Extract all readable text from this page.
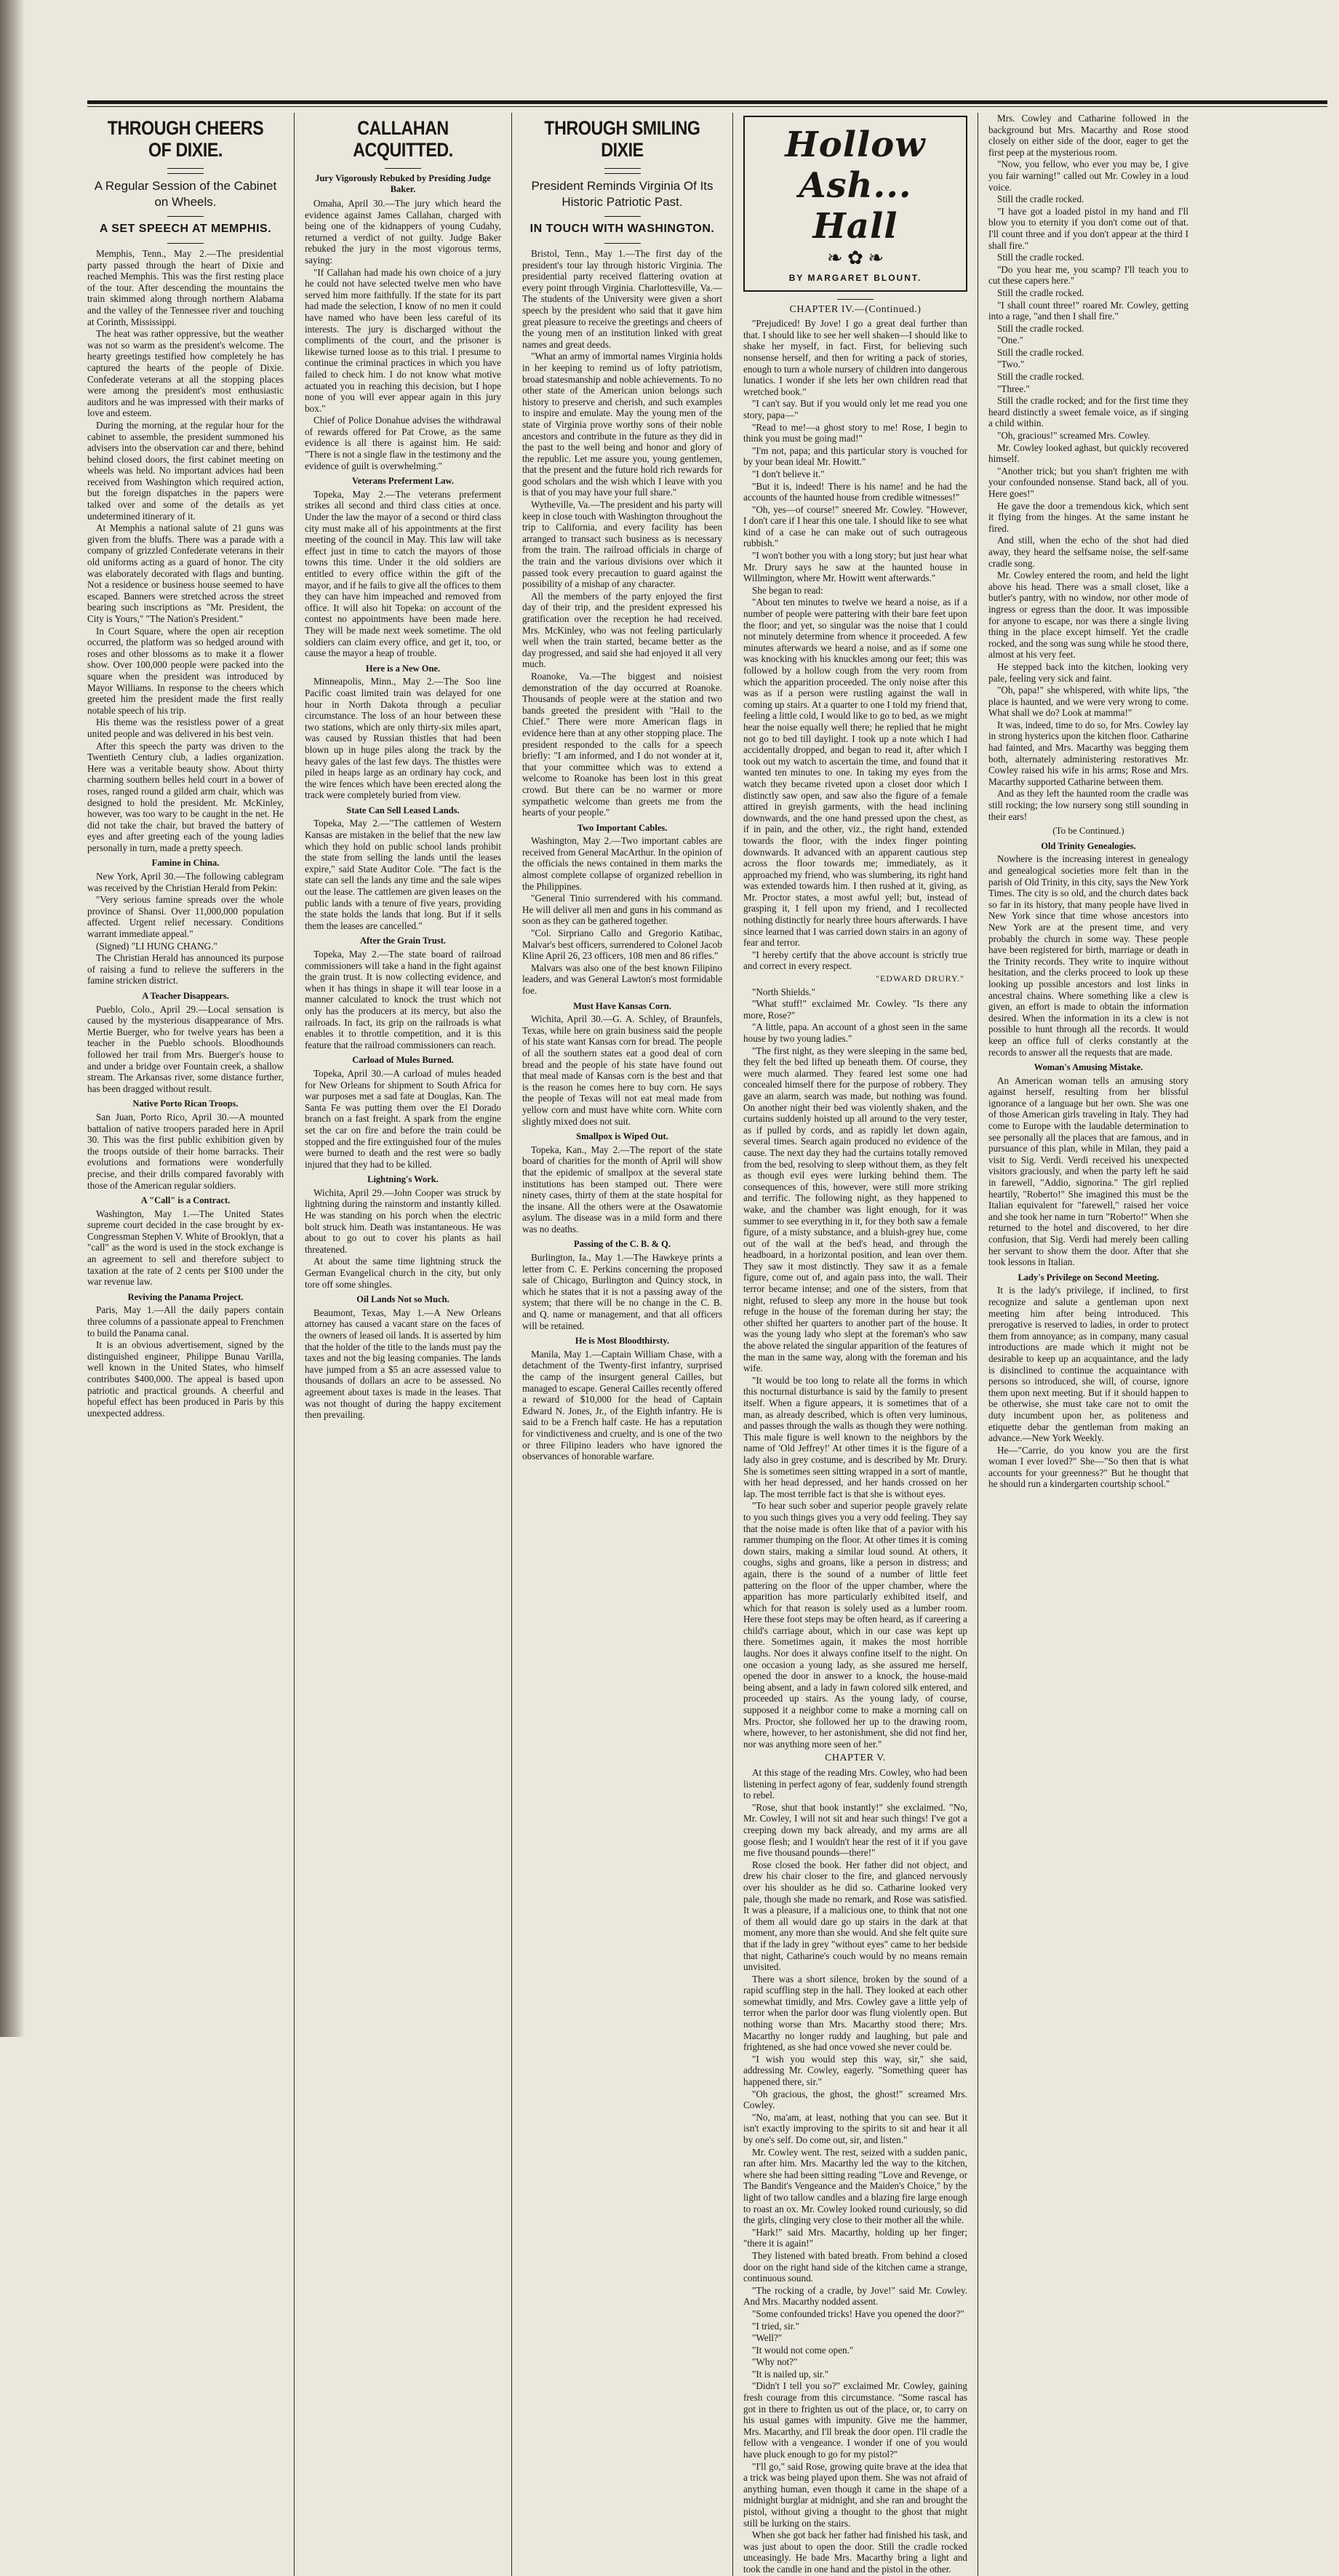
THROUGH CHEERS OF DIXIE.
A Regular Session of the Cabinet on Wheels.
A SET SPEECH AT MEMPHIS.

Memphis, Tenn., May 2.—The presidential party passed through the heart of Dixie and reached Memphis. This was the first resting place of the tour. After descending the mountains the train skimmed along through northern Alabama and the valley of the Tennessee river and touching at Corinth, Mississippi.

The heat was rather oppressive, but the weather was not so warm as the president's welcome. The hearty greetings testified how completely he has captured the hearts of the people of Dixie. Confederate veterans at all the stopping places were among the president's most enthusiastic auditors and he was impressed with their marks of love and esteem.

During the morning, at the regular hour for the cabinet to assemble, the president summoned his advisers into the observation car and there, behind behind closed doors, the first cabinet meeting on wheels was held. No important advices had been received from Washington which required action, but the foreign dispatches in the papers were talked over and some of the details as yet undetermined itinerary of it.

At Memphis a national salute of 21 guns was given from the bluffs. There was a parade with a company of grizzled Confederate veterans in their old uniforms acting as a guard of honor. The city was elaborately decorated with flags and bunting. Not a residence or business house seemed to have escaped. Banners were stretched across the street bearing such inscriptions as "Mr. President, the City is Yours," "The Nation's President."

In Court Square, where the open air reception occurred, the platform was so hedged around with roses and other blossoms as to make it a flower show. Over 100,000 people were packed into the square when the president was introduced by Mayor Williams. In response to the cheers which greeted him the president made the first really notable speech of his trip.

His theme was the resistless power of a great united people and was delivered in his best vein.

After this speech the party was driven to the Twentieth Century club, a ladies organization. Here was a veritable beauty show. About thirty charming southern belles held court in a bower of roses, ranged round a gilded arm chair, which was designed to hold the president. Mr. McKinley, however, was too wary to be caught in the net. He did not take the chair, but braved the battery of eyes and after greeting each of the young ladies personally in turn, made a pretty speech.

Famine in China.

New York, April 30.—The following cablegram was received by the Christian Herald from Pekin:

"Very serious famine spreads over the whole province of Shansi. Over 11,000,000 population affected. Urgent relief necessary. Conditions warrant immediate appeal."

(Signed) "LI HUNG CHANG."

The Christian Herald has announced its purpose of raising a fund to relieve the sufferers in the famine stricken district.

A Teacher Disappears.

Pueblo, Colo., April 29.—Local sensation is caused by the mysterious disappearance of Mrs. Mertie Buerger, who for twelve years has been a teacher in the Pueblo schools. Bloodhounds followed her trail from Mrs. Buerger's house to and under a bridge over Fountain creek, a shallow stream. The Arkansas river, some distance further, has been dragged without result.

Native Porto Rican Troops.

San Juan, Porto Rico, April 30.—A mounted battalion of native troopers paraded here in April 30. This was the first public exhibition given by the troops outside of their home barracks. Their evolutions and formations were wonderfully precise, and their drills compared favorably with those of the American regular soldiers.

A "Call" is a Contract.

Washington, May 1.—The United States supreme court decided in the case brought by ex-Congressman Stephen V. White of Brooklyn, that a "call" as the word is used in the stock exchange is an agreement to sell and therefore subject to taxation at the rate of 2 cents per $100 under the war revenue law.

Reviving the Panama Project.

Paris, May 1.—All the daily papers contain three columns of a passionate appeal to Frenchmen to build the Panama canal.

It is an obvious advertisement, signed by the distinguished engineer, Philippe Bunau Varilla, well known in the United States, who himself contributes $400,000. The appeal is based upon patriotic and practical grounds. A cheerful and hopeful effect has been produced in Paris by this unexpected address.

CALLAHAN ACQUITTED.
Jury Vigorously Rebuked by Presiding Judge Baker.

Omaha, April 30.—The jury which heard the evidence against James Callahan, charged with being one of the kidnappers of young Cudahy, returned a verdict of not guilty. Judge Baker rebuked the jury in the most vigorous terms, saying:

"If Callahan had made his own choice of a jury he could not have selected twelve men who have served him more faithfully. If the state for its part had made the selection, I know of no men it could have named who have been less careful of its interests. The jury is discharged without the compliments of the court, and the prisoner is likewise turned loose as to this trial. I presume to continue the criminal practices in which you have failed to check him. I do not know what motive actuated you in reaching this decision, but I hope none of you will ever appear again in this jury box."

Chief of Police Donahue advises the withdrawal of rewards offered for Pat Crowe, as the same evidence is all there is against him. He said: "There is not a single flaw in the testimony and the evidence of guilt is overwhelming."

Veterans Preferment Law.

Topeka, May 2.—The veterans preferment strikes all second and third class cities at once. Under the law the mayor of a second or third class city must make all of his appointments at the first meeting of the council in May. This law will take effect just in time to catch the mayors of those towns this time. Under it the old soldiers are entitled to every office within the gift of the mayor, and if he fails to give all the offices to them they can have him impeached and removed from office. It will also hit Topeka: on account of the contest no appointments have been made here. They will be made next week sometime. The old soldiers can claim every office, and get it, too, or cause the mayor a heap of trouble.

Here is a New One.

Minneapolis, Minn., May 2.—The Soo line Pacific coast limited train was delayed for one hour in North Dakota through a peculiar circumstance. The loss of an hour between these two stations, which are only thirty-six miles apart, was caused by Russian thistles that had been blown up in huge piles along the track by the heavy gales of the last few days. The thistles were piled in heaps large as an ordinary hay cock, and the wire fences which have been erected along the track were completely buried from view.

State Can Sell Leased Lands.

Topeka, May 2.—"The cattlemen of Western Kansas are mistaken in the belief that the new law which they hold on public school lands prohibit the state from selling the lands until the leases expire," said State Auditor Cole. "The fact is the state can sell the lands any time and the sale wipes out the lease. The cattlemen are given leases on the public lands with a tenure of five years, providing the state holds the lands that long. But if it sells them the leases are cancelled."

After the Grain Trust.

Topeka, May 2.—The state board of railroad commissioners will take a hand in the fight against the grain trust. It is now collecting evidence, and when it has things in shape it will tear loose in a manner calculated to knock the trust which not only has the producers at its mercy, but also the railroads. In fact, its grip on the railroads is what enables it to throttle competition, and it is this feature that the railroad commissioners can reach.

Carload of Mules Burned.

Topeka, April 30.—A carload of mules headed for New Orleans for shipment to South Africa for war purposes met a sad fate at Douglas, Kan. The Santa Fe was putting them over the El Dorado branch on a fast freight. A spark from the engine set the car on fire and before the train could be stopped and the fire extinguished four of the mules were burned to death and the rest were so badly injured that they had to be killed.

Lightning's Work.

Wichita, April 29.—John Cooper was struck by lightning during the rainstorm and instantly killed. He was standing on his porch when the electric bolt struck him. Death was instantaneous. He was about to go out to cover his plants as hail threatened.

At about the same time lightning struck the German Evangelical church in the city, but only tore off some shingles.

Oil Lands Not so Much.

Beaumont, Texas, May 1.—A New Orleans attorney has caused a vacant stare on the faces of the owners of leased oil lands. It is asserted by him that the holder of the title to the lands must pay the taxes and not the big leasing companies. The lands have jumped from a $5 an acre assessed value to thousands of dollars an acre to be assessed. No agreement about taxes is made in the leases. That was not thought of during the happy excitement then prevailing.

THROUGH SMILING DIXIE
President Reminds Virginia Of Its Historic Patriotic Past.
IN TOUCH WITH WASHINGTON.

Bristol, Tenn., May 1.—The first day of the president's tour lay through historic Virginia. The presidential party received flattering ovation at every point through Virginia. Charlottesville, Va.—The students of the University were given a short speech by the president who said that it gave him great pleasure to receive the greetings and cheers of the young men of an institution linked with great names and great deeds.

"What an army of immortal names Virginia holds in her keeping to remind us of lofty patriotism, broad statesmanship and noble achievements. To no other state of the American union belongs such history to preserve and cherish, and such examples to inspire and emulate. May the young men of the state of Virginia prove worthy sons of their noble ancestors and contribute in the future as they did in the past to the well being and honor and glory of the republic. Let me assure you, young gentlemen, that the present and the future hold rich rewards for good scholars and the wish which I leave with you is that of you may have your full share."

Wytheville, Va.—The president and his party will keep in close touch with Washington throughout the trip to California, and every facility has been arranged to transact such business as is necessary from the train. The railroad officials in charge of the train and the various divisions over which it passed took every precaution to guard against the possibility of a mishap of any character.

All the members of the party enjoyed the first day of their trip, and the president expressed his gratification over the reception he had received. Mrs. McKinley, who was not feeling particularly well when the train started, became better as the day progressed, and said she had enjoyed it all very much.

Roanoke, Va.—The biggest and noisiest demonstration of the day occurred at Roanoke. Thousands of people were at the station and two bands greeted the president with "Hail to the Chief." There were more American flags in evidence here than at any other stopping place. The president responded to the calls for a speech briefly: "I am informed, and I do not wonder at it, that your committee which was to extend a welcome to Roanoke has been lost in this great crowd. But there can be no warmer or more sympathetic welcome than greets me from the hearts of your people."

Two Important Cables.

Washington, May 2.—Two important cables are received from General MacArthur. In the opinion of the officials the news contained in them marks the almost complete collapse of organized rebellion in the Philippines.

"General Tinio surrendered with his command. He will deliver all men and guns in his command as soon as they can be gathered together.

"Col. Sirpriano Callo and Gregorio Katibac, Malvar's best officers, surrendered to Colonel Jacob Kline April 26, 23 officers, 108 men and 86 rifles."

Malvars was also one of the best known Filipino leaders, and was General Lawton's most formidable foe.

Must Have Kansas Corn.

Wichita, April 30.—G. A. Schley, of Braunfels, Texas, while here on grain business said the people of his state want Kansas corn for bread. The people of all the southern states eat a good deal of corn bread and the people of his state have found out that meal made of Kansas corn is the best and that is the reason he comes here to buy corn. He says the people of Texas will not eat meal made from yellow corn and must have white corn. White corn slightly mixed does not suit.

Smallpox is Wiped Out.

Topeka, Kan., May 2.—The report of the state board of charities for the month of April will show that the epidemic of smallpox at the several state institutions has been stamped out. There were ninety cases, thirty of them at the state hospital for the insane. All the others were at the Osawatomie asylum. The disease was in a mild form and there was no deaths.

Passing of the C. B. & Q.

Burlington, Ia., May 1.—The Hawkeye prints a letter from C. E. Perkins concerning the proposed sale of Chicago, Burlington and Quincy stock, in which he states that it is not a passing away of the system; that there will be no change in the C. B. and Q. name or management, and that all officers will be retained.

He is Most Bloodthirsty.

Manila, May 1.—Captain William Chase, with a detachment of the Twenty-first infantry, surprised the camp of the insurgent general Cailles, but managed to escape. General Cailles recently offered a reward of $10,000 for the head of Captain Edward N. Jones, Jr., of the Eighth infantry. He is said to be a French half caste. He has a reputation for vindictiveness and cruelty, and is one of the two or three Filipino leaders who have ignored the observances of honorable warfare.

Hollow Ash... Hall
❧ ✿ ❧
BY MARGARET BLOUNT.
CHAPTER IV.—(Continued.)

"Prejudiced! By Jove! I go a great deal further than that. I should like to see her well shaken—I should like to shake her myself, in fact. First, for believing such nonsense herself, and then for writing a pack of stories, enough to turn a whole nursery of children into dangerous lunatics. I wonder if she lets her own children read that wretched book."

"I can't say. But if you would only let me read you one story, papa—"

"Read to me!—a ghost story to me! Rose, I begin to think you must be going mad!"

"I'm not, papa; and this particular story is vouched for by your bean ideal Mr. Howitt."

"I don't believe it."

"But it is, indeed! There is his name! and he had the accounts of the haunted house from credible witnesses!"

"Oh, yes—of course!" sneered Mr. Cowley. "However, I don't care if I hear this one tale. I should like to see what kind of a case he can make out of such outrageous rubbish."

"I won't bother you with a long story; but just hear what Mr. Drury says he saw at the haunted house in Willmington, where Mr. Howitt went afterwards."

She began to read:

"About ten minutes to twelve we heard a noise, as if a number of people were pattering with their bare feet upon the floor; and yet, so singular was the noise that I could not minutely determine from whence it proceeded. A few minutes afterwards we heard a noise, and as if some one was knocking with his knuckles among our feet; this was followed by a hollow cough from the very room from which the apparition proceeded. The only noise after this was as if a person were rustling against the wall in coming up stairs. At a quarter to one I told my friend that, feeling a little cold, I would like to go to bed, as we might hear the noise equally well there; he replied that he might not go to bed till daylight. I took up a note which I had accidentally dropped, and began to read it, after which I took out my watch to ascertain the time, and found that it wanted ten minutes to one. In taking my eyes from the watch they became riveted upon a closet door which I distinctly saw open, and saw also the figure of a female attired in greyish garments, with the head inclining downwards, and the one hand pressed upon the chest, as if in pain, and the other, viz., the right hand, extended towards the floor, with the index finger pointing downwards. It advanced with an apparent cautious step across the floor towards me; immediately, as it approached my friend, who was slumbering, its right hand was extended towards him. I then rushed at it, giving, as Mr. Proctor states, a most awful yell; but, instead of grasping it, I fell upon my friend, and I recollected nothing distinctly for nearly three hours afterwards. I have since learned that I was carried down stairs in an agony of fear and terror.

"I hereby certify that the above account is strictly true and correct in every respect.

"EDWARD DRURY."

"North Shields."

"What stuff!" exclaimed Mr. Cowley. "Is there any more, Rose?"

"A little, papa. An account of a ghost seen in the same house by two young ladies."

"The first night, as they were sleeping in the same bed, they felt the bed lifted up beneath them. Of course, they were much alarmed. They feared lest some one had concealed himself there for the purpose of robbery. They gave an alarm, search was made, but nothing was found. On another night their bed was violently shaken, and the curtains suddenly hoisted up all around to the very tester, as if pulled by cords, and as rapidly let down again, several times. Search again produced no evidence of the cause. The next day they had the curtains totally removed from the bed, resolving to sleep without them, as they felt as though evil eyes were lurking behind them. The consequences of this, however, were still more striking and terrific. The following night, as they happened to wake, and the chamber was light enough, for it was summer to see everything in it, for they both saw a female figure, of a misty substance, and a bluish-grey hue, come out of the wall at the bed's head, and through the headboard, in a horizontal position, and lean over them. They saw it most distinctly. They saw it as a female figure, come out of, and again pass into, the wall. Their terror became intense; and one of the sisters, from that night, refused to sleep any more in the house but took refuge in the house of the foreman during her stay; the other shifted her quarters to another part of the house. It was the young lady who slept at the foreman's who saw the above related the singular apparition of the features of the man in the same way, along with the foreman and his wife.

"It would be too long to relate all the forms in which this nocturnal disturbance is said by the family to present itself. When a figure appears, it is sometimes that of a man, as already described, which is often very luminous, and passes through the walls as though they were nothing. This male figure is well known to the neighbors by the name of 'Old Jeffrey!' At other times it is the figure of a lady also in grey costume, and is described by Mr. Drury. She is sometimes seen sitting wrapped in a sort of mantle, with her head depressed, and her hands crossed on her lap. The most terrible fact is that she is without eyes.

"To hear such sober and superior people gravely relate to you such things gives you a very odd feeling. They say that the noise made is often like that of a pavior with his rammer thumping on the floor. At other times it is coming down stairs, making a similar loud sound. At others, it coughs, sighs and groans, like a person in distress; and again, there is the sound of a number of little feet pattering on the floor of the upper chamber, where the apparition has more particularly exhibited itself, and which for that reason is solely used as a lumber room. Here these foot steps may be often heard, as if careering a child's carriage about, which in our case was kept up there. Sometimes again, it makes the most horrible laughs. Nor does it always confine itself to the night. On one occasion a young lady, as she assured me herself, opened the door in answer to a knock, the house-maid being absent, and a lady in fawn colored silk entered, and proceeded up stairs. As the young lady, of course, supposed it a neighbor come to make a morning call on Mrs. Proctor, she followed her up to the drawing room, where, however, to her astonishment, she did not find her, nor was anything more seen of her."

CHAPTER V.

At this stage of the reading Mrs. Cowley, who had been listening in perfect agony of fear, suddenly found strength to rebel.

"Rose, shut that book instantly!" she exclaimed. "No, Mr. Cowley, I will not sit and hear such things! I've got a creeping down my back already, and my arms are all goose flesh; and I wouldn't hear the rest of it if you gave me five thousand pounds—there!"

Rose closed the book. Her father did not object, and drew his chair closer to the fire, and glanced nervously over his shoulder as he did so. Catharine looked very pale, though she made no remark, and Rose was satisfied. It was a pleasure, if a malicious one, to think that not one of them all would dare go up stairs in the dark at that moment, any more than she would. And she felt quite sure that if the lady in grey "without eyes" came to her bedside that night, Catharine's couch would by no means remain unvisited.

There was a short silence, broken by the sound of a rapid scuffling step in the hall. They looked at each other somewhat timidly, and Mrs. Cowley gave a little yelp of terror when the parlor door was flung violently open. But nothing worse than Mrs. Macarthy stood there; Mrs. Macarthy no longer ruddy and laughing, but pale and frightened, as she had once vowed she never could be.

"I wish you would step this way, sir," she said, addressing Mr. Cowley, eagerly. "Something queer has happened there, sir."

"Oh gracious, the ghost, the ghost!" screamed Mrs. Cowley.

"No, ma'am, at least, nothing that you can see. But it isn't exactly improving to the spirits to sit and hear it all by one's self. Do come out, sir, and listen."

Mr. Cowley went. The rest, seized with a sudden panic, ran after him. Mrs. Macarthy led the way to the kitchen, where she had been sitting reading "Love and Revenge, or The Bandit's Vengeance and the Maiden's Choice," by the light of two tallow candles and a blazing fire large enough to roast an ox. Mr. Cowley looked round curiously, so did the girls, clinging very close to their mother all the while.

"Hark!" said Mrs. Macarthy, holding up her finger; "there it is again!"

They listened with bated breath. From behind a closed door on the right hand side of the kitchen came a strange, continuous sound.

"The rocking of a cradle, by Jove!" said Mr. Cowley. And Mrs. Macarthy nodded assent.

"Some confounded tricks! Have you opened the door?"

"I tried, sir."

"Well?"

"It would not come open."

"Why not?"

"It is nailed up, sir."

"Didn't I tell you so?" exclaimed Mr. Cowley, gaining fresh courage from this circumstance. "Some rascal has got in there to frighten us out of the place, or, to carry on his usual games with impunity. Give me the hammer, Mrs. Macarthy, and I'll break the door open. I'll cradle the fellow with a vengeance. I wonder if one of you would have pluck enough to go for my pistol?"

"I'll go," said Rose, growing quite brave at the idea that a trick was being played upon them. She was not afraid of anything human, even though it came in the shape of a midnight burglar at midnight, and she ran and brought the pistol, without giving a thought to the ghost that might still be lurking on the stairs.

When she got back her father had finished his task, and was just about to open the door. Still the cradle rocked unceasingly. He bade Mrs. Macarthy bring a light and took the candle in one hand and the pistol in the other.

Mrs. Cowley and Catharine followed in the background but Mrs. Macarthy and Rose stood closely on either side of the door, eager to get the first peep at the mysterious room.

"Now, you fellow, who ever you may be, I give you fair warning!" called out Mr. Cowley in a loud voice.

Still the cradle rocked.

"I have got a loaded pistol in my hand and I'll blow you to eternity if you don't come out of that. I'll count three and if you don't appear at the third I shall fire."

Still the cradle rocked.

"Do you hear me, you scamp? I'll teach you to cut these capers here."

Still the cradle rocked.

"I shall count three!" roared Mr. Cowley, getting into a rage, "and then I shall fire."

Still the cradle rocked.

"One."

Still the cradle rocked.

"Two."

Still the cradle rocked.

"Three."

Still the cradle rocked; and for the first time they heard distinctly a sweet female voice, as if singing a child within.

"Oh, gracious!" screamed Mrs. Cowley.

Mr. Cowley looked aghast, but quickly recovered himself.

"Another trick; but you shan't frighten me with your confounded nonsense. Stand back, all of you. Here goes!"

He gave the door a tremendous kick, which sent it flying from the hinges. At the same instant he fired.

And still, when the echo of the shot had died away, they heard the selfsame noise, the self-same cradle song.

Mr. Cowley entered the room, and held the light above his head. There was a small closet, like a butler's pantry, with no window, nor other mode of ingress or egress than the door. It was impossible for anyone to escape, nor was there a single living thing in the place except himself. Yet the cradle rocked, and the song was sung while he stood there, almost at his very feet.

He stepped back into the kitchen, looking very pale, feeling very sick and faint.

"Oh, papa!" she whispered, with white lips, "the place is haunted, and we were very wrong to come. What shall we do? Look at mamma!"

It was, indeed, time to do so, for Mrs. Cowley lay in strong hysterics upon the kitchen floor. Catharine had fainted, and Mrs. Macarthy was begging them both, alternately administering restoratives Mr. Cowley raised his wife in his arms; Rose and Mrs. Macarthy supported Catharine between them.

And as they left the haunted room the cradle was still rocking; the low nursery song still sounding in their ears!

(To be Continued.)
Old Trinity Genealogies.

Nowhere is the increasing interest in genealogy and genealogical societies more felt than in the parish of Old Trinity, in this city, says the New York Times. The city is so old, and the church dates back so far in its history, that many people have lived in New York since that time whose ancestors into New York are at the present time, and very probably the church in some way. These people have been registered for birth, marriage or death in the Trinity records. They write to inquire without hesitation, and the clerks proceed to look up these looking up possible ancestors and lost links in ancestral chains. Where something like a clew is given, an effort is made to obtain the information desired. When the information in its a clew is not possible to hunt through all the records. It would keep an office full of clerks constantly at the records to answer all the requests that are made.

Woman's Amusing Mistake.

An American woman tells an amusing story against herself, resulting from her blissful ignorance of a language but her own. She was one of those American girls traveling in Italy. They had come to Europe with the laudable determination to see personally all the places that are famous, and in pursuance of this plan, while in Milan, they paid a visit to Sig. Verdi. Verdi received his unexpected visitors graciously, and when the party left he said in farewell, "Addio, signorina." The girl replied heartily, "Roberto!" She imagined this must be the Italian equivalent for "farewell," raised her voice and she took her name in turn "Roberto!" When she returned to the hotel and discovered, to her dire confusion, that Sig. Verdi had merely been calling her servant to show them the door. After that she took lessons in Italian.

Lady's Privilege on Second Meeting.

It is the lady's privilege, if inclined, to first recognize and salute a gentleman upon next meeting him after being introduced. This prerogative is reserved to ladies, in order to protect them from annoyance; as in company, many casual introductions are made which it might not be desirable to keep up an acquaintance, and the lady is disinclined to continue the acquaintance with persons so introduced, she will, of course, ignore them upon next meeting. But if it should happen to be otherwise, she must take care not to omit the duty incumbent upon her, as politeness and etiquette debar the gentleman from making an advance.—New York Weekly.

He—"Carrie, do you know you are the first woman I ever loved?" She—"So then that is what accounts for your greenness?" But he thought that he should run a kindergarten courtship school."
